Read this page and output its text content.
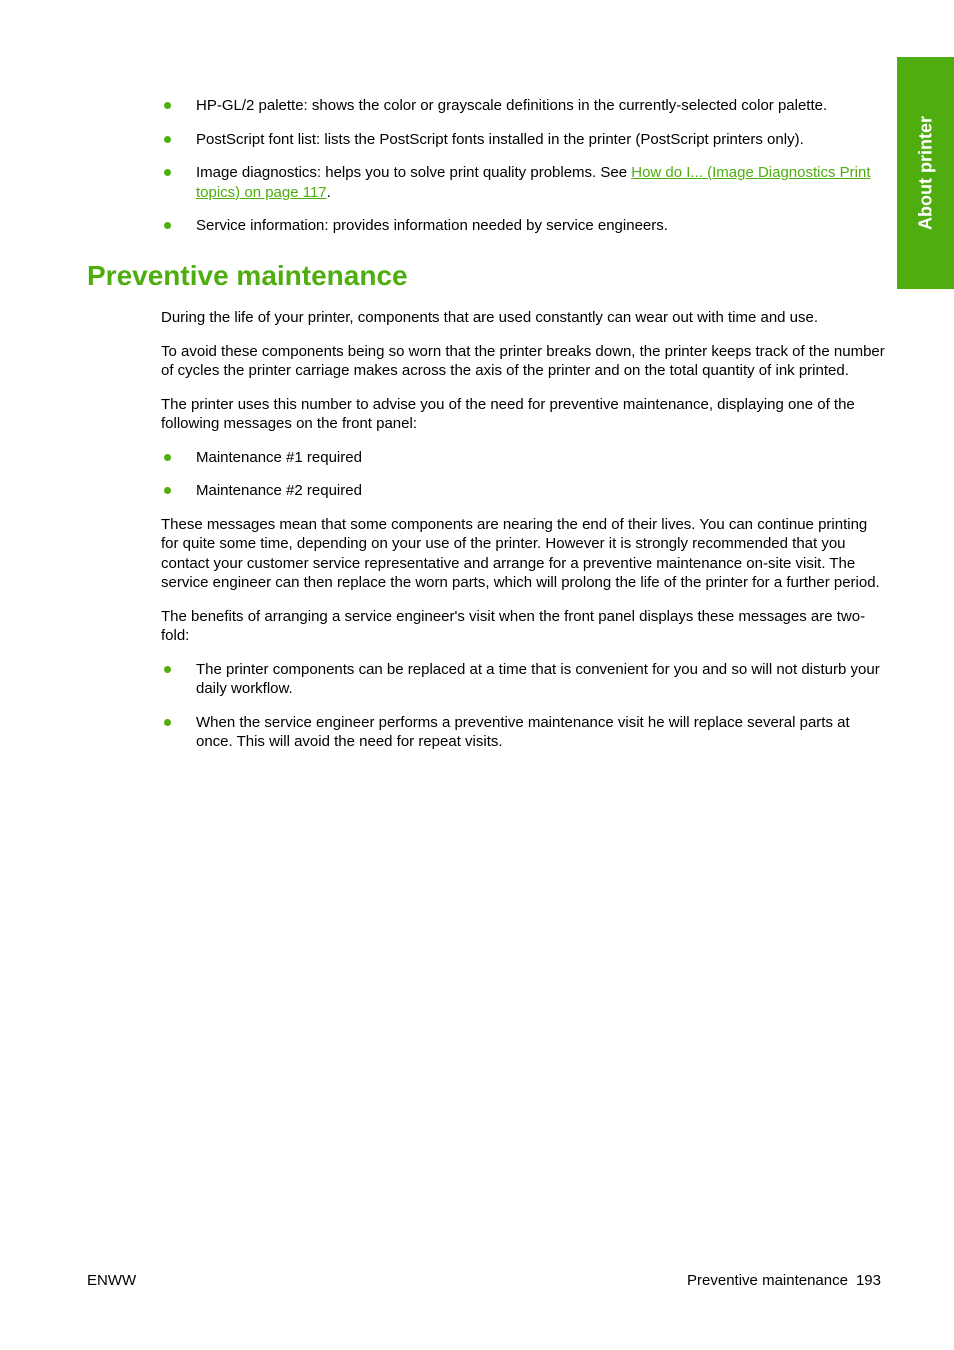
About printer
HP-GL/2 palette: shows the color or grayscale definitions in the currently-selected color palette.
PostScript font list: lists the PostScript fonts installed in the printer (PostScript printers only).
Image diagnostics: helps you to solve print quality problems. See How do I... (Image Diagnostics Print topics) on page 117.
Service information: provides information needed by service engineers.
Preventive maintenance

During the life of your printer, components that are used constantly can wear out with time and use.

To avoid these components being so worn that the printer breaks down, the printer keeps track of the number of cycles the printer carriage makes across the axis of the printer and on the total quantity of ink printed.

The printer uses this number to advise you of the need for preventive maintenance, displaying one of the following messages on the front panel:

Maintenance #1 required
Maintenance #2 required

These messages mean that some components are nearing the end of their lives. You can continue printing for quite some time, depending on your use of the printer. However it is strongly recommended that you contact your customer service representative and arrange for a preventive maintenance on-site visit. The service engineer can then replace the worn parts, which will prolong the life of the printer for a further period.

The benefits of arranging a service engineer's visit when the front panel displays these messages are two-fold:

The printer components can be replaced at a time that is convenient for you and so will not disturb your daily workflow.
When the service engineer performs a preventive maintenance visit he will replace several parts at once. This will avoid the need for repeat visits.
ENWW	Preventive maintenance 193
